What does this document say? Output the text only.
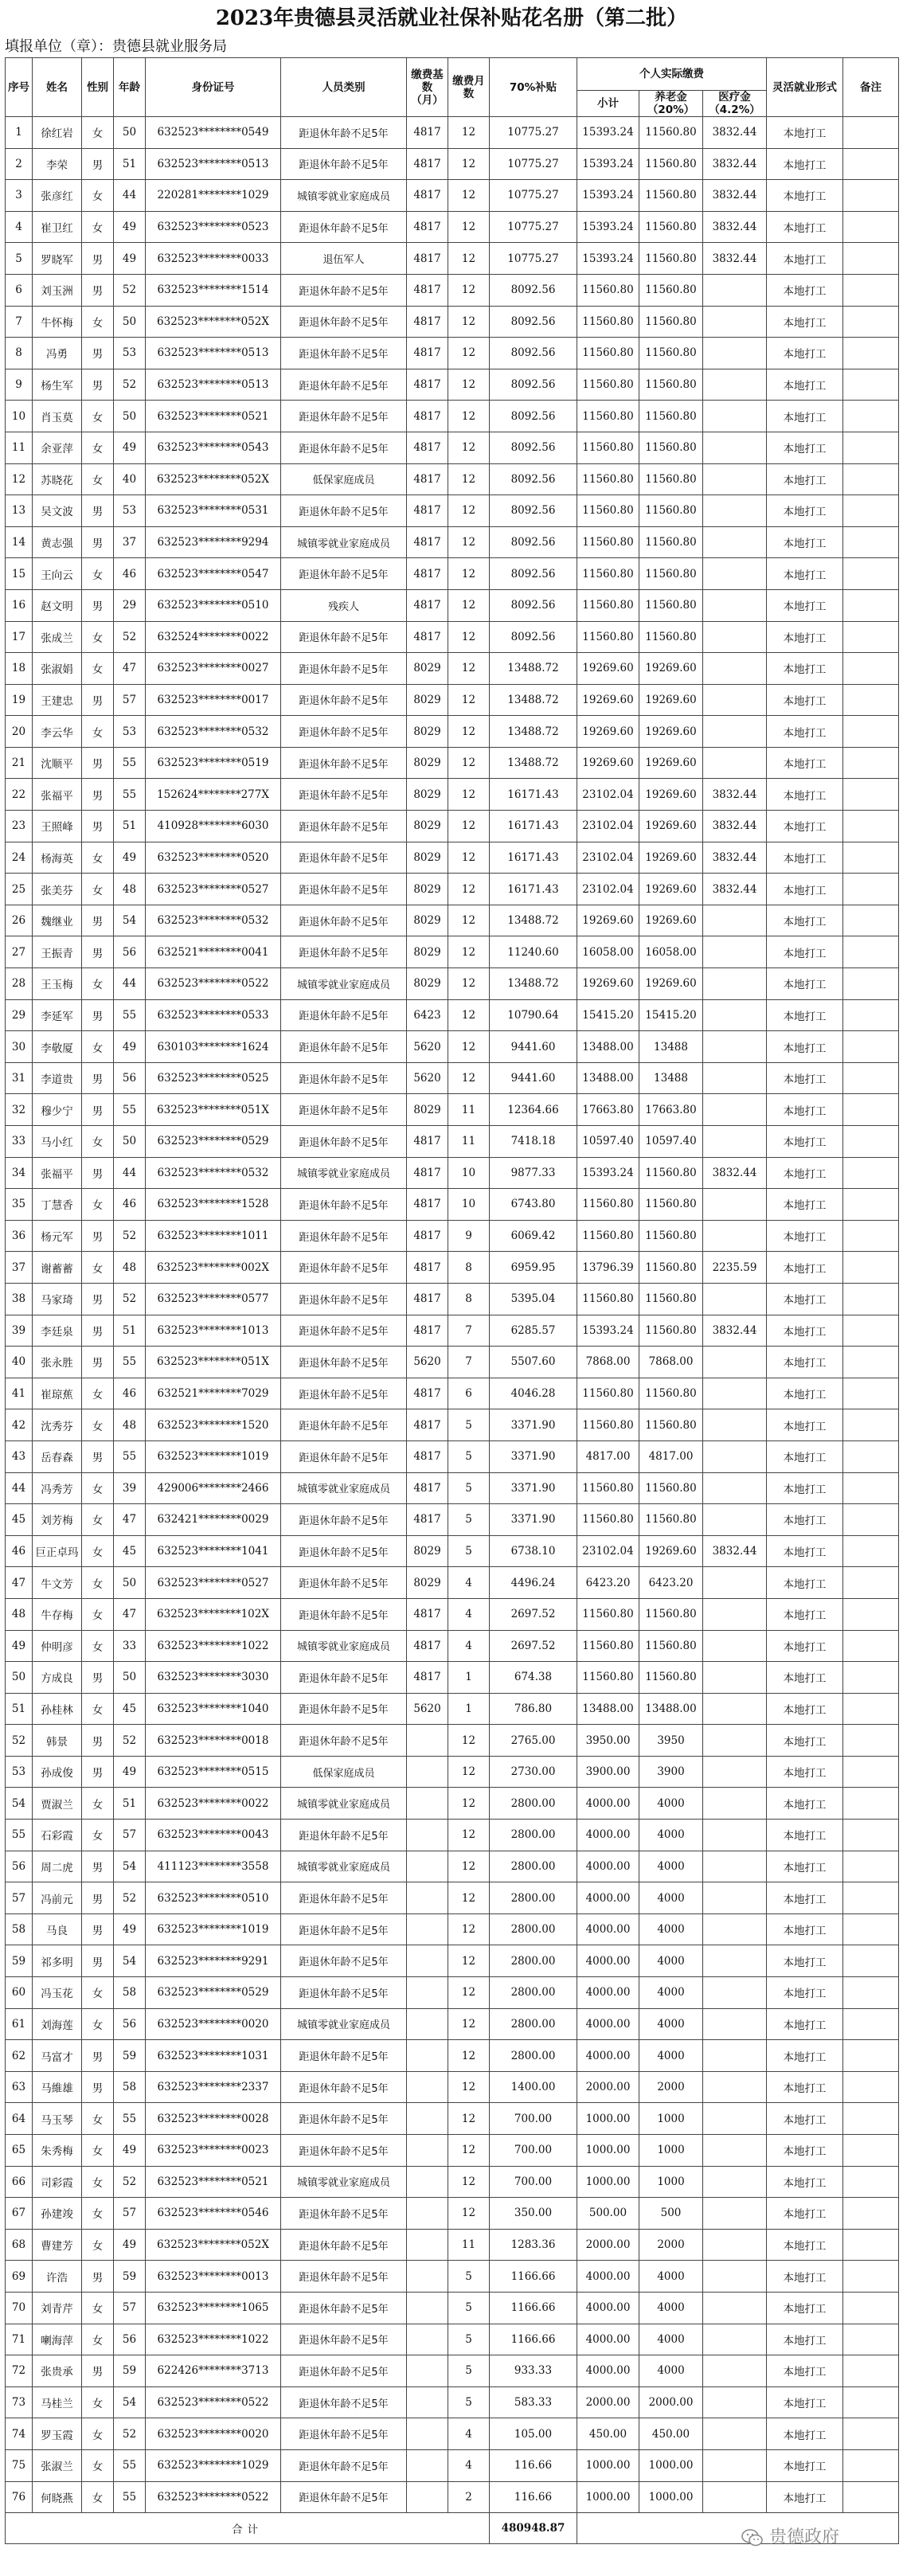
2023年贵德县灵活就业社保补贴花名册（第二批）
填报单位（章）：贵德县就业服务局
序号	姓名	性别	年龄	身份证号	人员类别	缴费基数（月）	缴费月数	70%补贴	个人实际缴费			灵活就业形式	备注
									小计	养老金（20%）	医疗金（4.2%）		
1	徐红岩	女	50	632523********0549	距退休年龄不足5年	4817	12	10775.27	15393.24	11560.80	3832.44	本地打工	
2	李荣	男	51	632523********0513	距退休年龄不足5年	4817	12	10775.27	15393.24	11560.80	3832.44	本地打工	
3	张彦红	女	44	220281********1029	城镇零就业家庭成员	4817	12	10775.27	15393.24	11560.80	3832.44	本地打工	
4	崔卫红	女	49	632523********0523	距退休年龄不足5年	4817	12	10775.27	15393.24	11560.80	3832.44	本地打工	
5	罗晓军	男	49	632523********0033	退伍军人	4817	12	10775.27	15393.24	11560.80	3832.44	本地打工	
6	刘玉洲	男	52	632523********1514	距退休年龄不足5年	4817	12	8092.56	11560.80	11560.80		本地打工	
7	牛怀梅	女	50	632523********052X	距退休年龄不足5年	4817	12	8092.56	11560.80	11560.80		本地打工	
8	冯勇	男	53	632523********0513	距退休年龄不足5年	4817	12	8092.56	11560.80	11560.80		本地打工	
9	杨生军	男	52	632523********0513	距退休年龄不足5年	4817	12	8092.56	11560.80	11560.80		本地打工	
10	肖玉莫	女	50	632523********0521	距退休年龄不足5年	4817	12	8092.56	11560.80	11560.80		本地打工	
11	余亚萍	女	49	632523********0543	距退休年龄不足5年	4817	12	8092.56	11560.80	11560.80		本地打工	
12	苏晓花	女	40	632523********052X	低保家庭成员	4817	12	8092.56	11560.80	11560.80		本地打工	
13	吴文波	男	53	632523********0531	距退休年龄不足5年	4817	12	8092.56	11560.80	11560.80		本地打工	
14	黄志强	男	37	632523********9294	城镇零就业家庭成员	4817	12	8092.56	11560.80	11560.80		本地打工	
15	王向云	女	46	632523********0547	距退休年龄不足5年	4817	12	8092.56	11560.80	11560.80		本地打工	
16	赵文明	男	29	632523********0510	残疾人	4817	12	8092.56	11560.80	11560.80		本地打工	
17	张成兰	女	52	632524********0022	距退休年龄不足5年	4817	12	8092.56	11560.80	11560.80		本地打工	
18	张淑娟	女	47	632523********0027	距退休年龄不足5年	8029	12	13488.72	19269.60	19269.60		本地打工	
19	王建忠	男	57	632523********0017	距退休年龄不足5年	8029	12	13488.72	19269.60	19269.60		本地打工	
20	李云华	女	53	632523********0532	距退休年龄不足5年	8029	12	13488.72	19269.60	19269.60		本地打工	
21	沈顺平	男	55	632523********0519	距退休年龄不足5年	8029	12	13488.72	19269.60	19269.60		本地打工	
22	张福平	男	55	152624********277X	距退休年龄不足5年	8029	12	16171.43	23102.04	19269.60	3832.44	本地打工	
23	王照峰	男	51	410928********6030	距退休年龄不足5年	8029	12	16171.43	23102.04	19269.60	3832.44	本地打工	
24	杨海英	女	49	632523********0520	距退休年龄不足5年	8029	12	16171.43	23102.04	19269.60	3832.44	本地打工	
25	张美芬	女	48	632523********0527	距退休年龄不足5年	8029	12	16171.43	23102.04	19269.60	3832.44	本地打工	
26	魏继业	男	54	632523********0532	距退休年龄不足5年	8029	12	13488.72	19269.60	19269.60		本地打工	
27	王振青	男	56	632521********0041	距退休年龄不足5年	8029	12	11240.60	16058.00	16058.00		本地打工	
28	王玉梅	女	44	632523********0522	城镇零就业家庭成员	8029	12	13488.72	19269.60	19269.60		本地打工	
29	李延军	男	55	632523********0533	距退休年龄不足5年	6423	12	10790.64	15415.20	15415.20		本地打工	
30	李敬厦	女	49	630103********1624	距退休年龄不足5年	5620	12	9441.60	13488.00	13488		本地打工	
31	李道贵	男	56	632523********0525	距退休年龄不足5年	5620	12	9441.60	13488.00	13488		本地打工	
32	穆少宁	男	55	632523********051X	距退休年龄不足5年	8029	11	12364.66	17663.80	17663.80		本地打工	
33	马小红	女	50	632523********0529	距退休年龄不足5年	4817	11	7418.18	10597.40	10597.40		本地打工	
34	张福平	男	44	632523********0532	城镇零就业家庭成员	4817	10	9877.33	15393.24	11560.80	3832.44	本地打工	
35	丁慧香	女	46	632523********1528	距退休年龄不足5年	4817	10	6743.80	11560.80	11560.80		本地打工	
36	杨元军	男	52	632523********1011	距退休年龄不足5年	4817	9	6069.42	11560.80	11560.80		本地打工	
37	谢蓄蓄	女	48	632523********002X	距退休年龄不足5年	4817	8	6959.95	13796.39	11560.80	2235.59	本地打工	
38	马家琦	男	52	632523********0577	距退休年龄不足5年	4817	8	5395.04	11560.80	11560.80		本地打工	
39	李廷泉	男	51	632523********1013	距退休年龄不足5年	4817	7	6285.57	15393.24	11560.80	3832.44	本地打工	
40	张永胜	男	55	632523********051X	距退休年龄不足5年	5620	7	5507.60	7868.00	7868.00		本地打工	
41	崔琼蕉	女	46	632521********7029	距退休年龄不足5年	4817	6	4046.28	11560.80	11560.80		本地打工	
42	沈秀芬	女	48	632523********1520	距退休年龄不足5年	4817	5	3371.90	11560.80	11560.80		本地打工	
43	岳春森	男	55	632523********1019	距退休年龄不足5年	4817	5	3371.90	4817.00	4817.00		本地打工	
44	冯秀芳	女	39	429006********2466	城镇零就业家庭成员	4817	5	3371.90	11560.80	11560.80		本地打工	
45	刘芳梅	女	47	632421********0029	距退休年龄不足5年	4817	5	3371.90	11560.80	11560.80		本地打工	
46	巨正卓玛	女	45	632523********1041	距退休年龄不足5年	8029	5	6738.10	23102.04	19269.60	3832.44	本地打工	
47	牛文芳	女	50	632523********0527	距退休年龄不足5年	8029	4	4496.24	6423.20	6423.20		本地打工	
48	牛存梅	女	47	632523********102X	距退休年龄不足5年	4817	4	2697.52	11560.80	11560.80		本地打工	
49	仲明彦	女	33	632523********1022	城镇零就业家庭成员	4817	4	2697.52	11560.80	11560.80		本地打工	
50	方成良	男	50	632523********3030	距退休年龄不足5年	4817	1	674.38	11560.80	11560.80		本地打工	
51	孙桂林	女	45	632523********1040	距退休年龄不足5年	5620	1	786.80	13488.00	13488.00		本地打工	
52	韩景	男	52	632523********0018	距退休年龄不足5年		12	2765.00	3950.00	3950		本地打工	
53	孙成俊	男	49	632523********0515	低保家庭成员		12	2730.00	3900.00	3900		本地打工	
54	贾淑兰	女	51	632523********0022	城镇零就业家庭成员		12	2800.00	4000.00	4000		本地打工	
55	石彩霞	女	57	632523********0043	距退休年龄不足5年		12	2800.00	4000.00	4000		本地打工	
56	周二虎	男	54	411123********3558	城镇零就业家庭成员		12	2800.00	4000.00	4000		本地打工	
57	冯前元	男	52	632523********0510	距退休年龄不足5年		12	2800.00	4000.00	4000		本地打工	
58	马良	男	49	632523********1019	距退休年龄不足5年		12	2800.00	4000.00	4000		本地打工	
59	祁多明	男	54	632523********9291	距退休年龄不足5年		12	2800.00	4000.00	4000		本地打工	
60	冯玉花	女	58	632523********0529	距退休年龄不足5年		12	2800.00	4000.00	4000		本地打工	
61	刘海莲	女	56	632523********0020	城镇零就业家庭成员		12	2800.00	4000.00	4000		本地打工	
62	马富才	男	59	632523********1031	距退休年龄不足5年		12	2800.00	4000.00	4000		本地打工	
63	马維雄	男	58	632523********2337	距退休年龄不足5年		12	1400.00	2000.00	2000		本地打工	
64	马玉琴	女	55	632523********0028	距退休年龄不足5年		12	700.00	1000.00	1000		本地打工	
65	朱秀梅	女	49	632523********0023	距退休年龄不足5年		12	700.00	1000.00	1000		本地打工	
66	司彩霞	女	52	632523********0521	城镇零就业家庭成员		12	700.00	1000.00	1000		本地打工	
67	孙建竣	女	57	632523********0546	距退休年龄不足5年		12	350.00	500.00	500		本地打工	
68	曹建芳	女	49	632523********052X	距退休年龄不足5年		11	1283.36	2000.00	2000		本地打工	
69	许浩	男	59	632523********0013	距退休年龄不足5年		5	1166.66	4000.00	4000		本地打工	
70	刘青芹	女	57	632523********1065	距退休年龄不足5年		5	1166.66	4000.00	4000		本地打工	
71	喇海萍	女	56	632523********1022	距退休年龄不足5年		5	1166.66	4000.00	4000		本地打工	
72	张贵承	男	59	622426********3713	距退休年龄不足5年		5	933.33	4000.00	4000		本地打工	
73	马桂兰	女	54	632523********0522	距退休年龄不足5年		5	583.33	2000.00	2000.00		本地打工	
74	罗玉霞	女	52	632523********0020	距退休年龄不足5年		4	105.00	450.00	450.00		本地打工	
75	张淑兰	女	55	632523********1029	距退休年龄不足5年		4	116.66	1000.00	1000.00		本地打工	
76	何晓燕	女	55	632523********0522	距退休年龄不足5年		2	116.66	1000.00	1000.00		本地打工	
合计								480948.87						贵德政府
